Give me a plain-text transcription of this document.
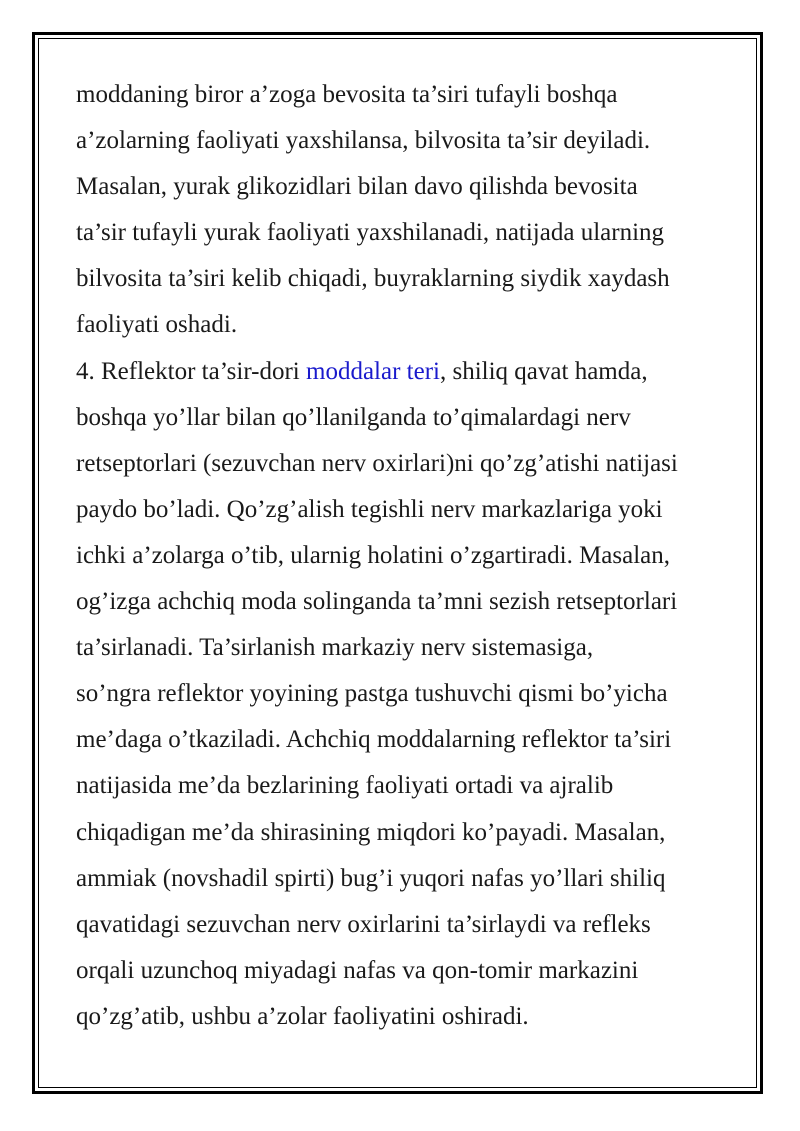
moddaning biror a’zoga bevosita ta’siri tufayli boshqa
a’zolarning faoliyati yaxshilansa, bilvosita ta’sir deyiladi.
Masalan, yurak glikozidlari bilan davo qilishda bevosita
ta’sir tufayli yurak faoliyati yaxshilanadi, natijada ularning
bilvosita ta’siri kelib chiqadi, buyraklarning siydik xaydash
faoliyati oshadi.
4. Reflektor ta’sir-dori moddalar teri, shiliq qavat hamda,
boshqa yo’llar bilan qo’llanilganda to’qimalardagi nerv
retseptorlari (sezuvchan nerv oxirlari)ni qo’zg’atishi natijasi
paydo bo’ladi. Qo’zg’alish tegishli nerv markazlariga yoki
ichki a’zolarga o’tib, ularnig holatini o’zgartiradi. Masalan,
og’izga achchiq moda solinganda ta’mni sezish retseptorlari
ta’sirlanadi. Ta’sirlanish markaziy nerv sistemasiga,
so’ngra reflektor yoyining pastga tushuvchi qismi bo’yicha
me’daga o’tkaziladi. Achchiq moddalarning reflektor ta’siri
natijasida me’da bezlarining faoliyati ortadi va ajralib
chiqadigan me’da shirasining miqdori ko’payadi. Masalan,
ammiak (novshadil spirti) bug’i yuqori nafas yo’llari shiliq
qavatidagi sezuvchan nerv oxirlarini ta’sirlaydi va refleks
orqali uzunchoq miyadagi nafas va qon-tomir markazini
qo’zg’atib, ushbu a’zolar faoliyatini oshiradi.
